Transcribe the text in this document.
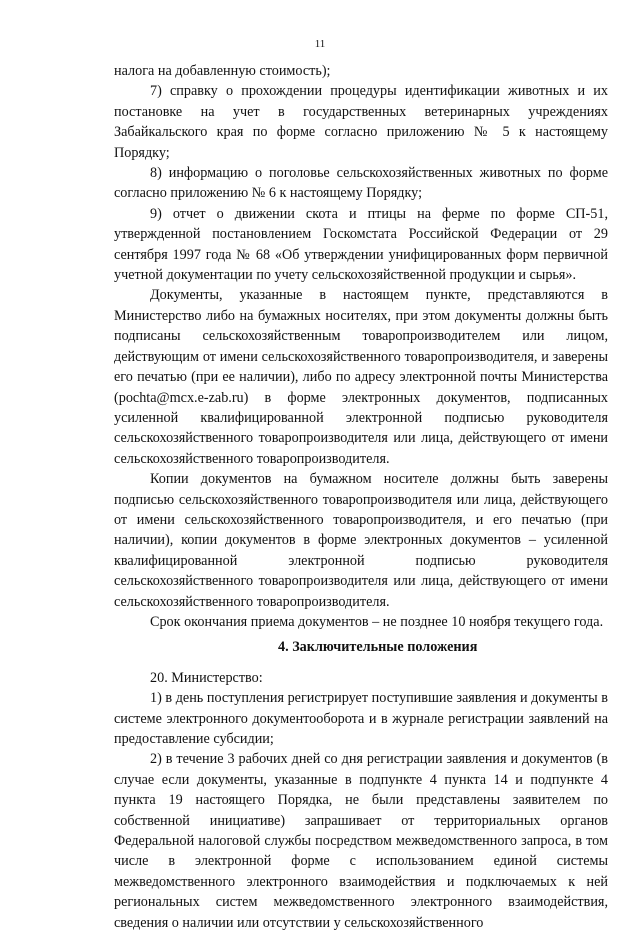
11

налога на добавленную стоимость);

7) справку о прохождении процедуры идентификации животных и их постановке на учет в государственных ветеринарных учреждениях Забайкальского края по форме согласно приложению № 5 к настоящему Порядку;

8) информацию о поголовье сельскохозяйственных животных по форме согласно приложению № 6 к настоящему Порядку;

9) отчет о движении скота и птицы на ферме по форме СП-51, утвержденной постановлением Госкомстата Российской Федерации от 29 сентября 1997 года № 68 «Об утверждении унифицированных форм первичной учетной документации по учету сельскохозяйственной продукции и сырья».

Документы, указанные в настоящем пункте, представляются в Министерство либо на бумажных носителях, при этом документы должны быть подписаны сельскохозяйственным товаропроизводителем или лицом, действующим от имени сельскохозяйственного товаропроизводителя, и заверены его печатью (при ее наличии), либо по адресу электронной почты Министерства (pochta@mcx.e-zab.ru) в форме электронных документов, подписанных усиленной квалифицированной электронной подписью руководителя сельскохозяйственного товаропроизводителя или лица, действующего от имени сельскохозяйственного товаропроизводителя.

Копии документов на бумажном носителе должны быть заверены подписью сельскохозяйственного товаропроизводителя или лица, действующего от имени сельскохозяйственного товаропроизводителя, и его печатью (при наличии), копии документов в форме электронных документов – усиленной квалифицированной электронной подписью руководителя сельскохозяйственного товаропроизводителя или лица, действующего от имени сельскохозяйственного товаропроизводителя.

Срок окончания приема документов – не позднее 10 ноября текущего года.

4. Заключительные положения

20. Министерство:

1) в день поступления регистрирует поступившие заявления и документы в системе электронного документооборота и в журнале регистрации заявлений на предоставление субсидии;

2) в течение 3 рабочих дней со дня регистрации заявления и документов (в случае если документы, указанные в подпункте 4 пункта 14 и подпункте 4 пункта 19 настоящего Порядка, не были представлены заявителем по собственной инициативе) запрашивает от территориальных органов Федеральной налоговой службы посредством межведомственного запроса, в том числе в электронной форме с использованием единой системы межведомственного электронного взаимодействия и подключаемых к ней региональных систем межведомственного электронного взаимодействия, сведения о наличии или отсутствии у сельскохозяйственного
